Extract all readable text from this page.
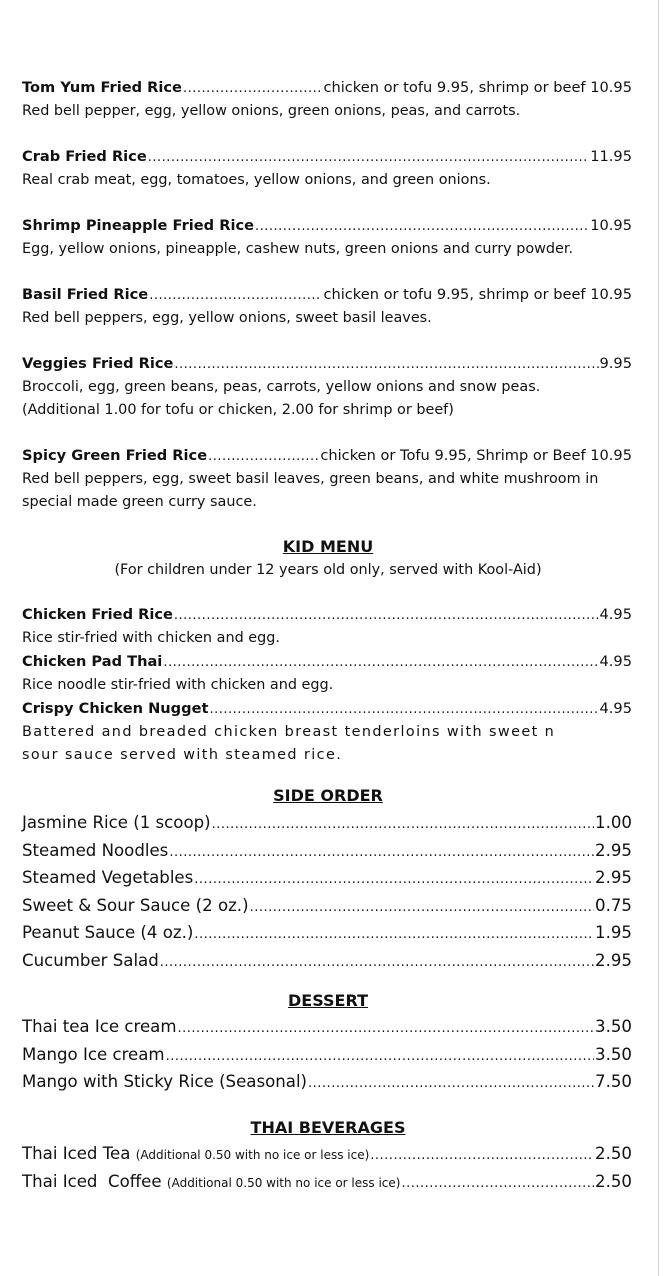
Tom Yum Fried Rice .....	chicken or tofu 9.95, shrimp or beef 10.95
Red bell pepper, egg, yellow onions, green onions, peas, and carrots.
Crab Fried Rice .....	11.95
Real crab meat, egg, tomatoes, yellow onions, and green onions.
Shrimp Pineapple Fried Rice .....	10.95
Egg, yellow onions, pineapple, cashew nuts, green onions and curry powder.
Basil Fried Rice .....	chicken or tofu 9.95, shrimp or beef 10.95
Red bell peppers, egg, yellow onions, sweet basil leaves.
Veggies Fried Rice .....	9.95
Broccoli, egg, green beans, peas, carrots, yellow onions and snow peas.
(Additional 1.00 for tofu or chicken, 2.00 for shrimp or beef)
Spicy Green Fried Rice .....	chicken or Tofu 9.95, Shrimp or Beef 10.95
Red bell peppers, egg, sweet basil leaves, green beans, and white mushroom in
special made green curry sauce.
KID MENU
(For children under 12 years old only, served with Kool-Aid)
Chicken Fried Rice .....	4.95
Rice stir-fried with chicken and egg.
Chicken Pad Thai .....	4.95
Rice noodle stir-fried with chicken and egg.
Crispy Chicken Nugget .....	4.95
Battered and breaded chicken breast tenderloins with sweet n
sour sauce served with steamed rice.
SIDE ORDER
Jasmine Rice (1 scoop) .....	1.00
Steamed Noodles .....	2.95
Steamed Vegetables .....	2.95
Sweet & Sour Sauce (2 oz.) .....	0.75
Peanut Sauce (4 oz.) .....	1.95
Cucumber Salad .....	2.95
DESSERT
Thai tea Ice cream .....	3.50
Mango Ice cream .....	3.50
Mango with Sticky Rice (Seasonal) .....	7.50
THAI BEVERAGES
Thai Iced Tea
(Additional 0.50 with no ice or less ice) .....	2.50
Thai Iced  Coffee
(Additional 0.50 with no ice or less ice) .....	2.50
